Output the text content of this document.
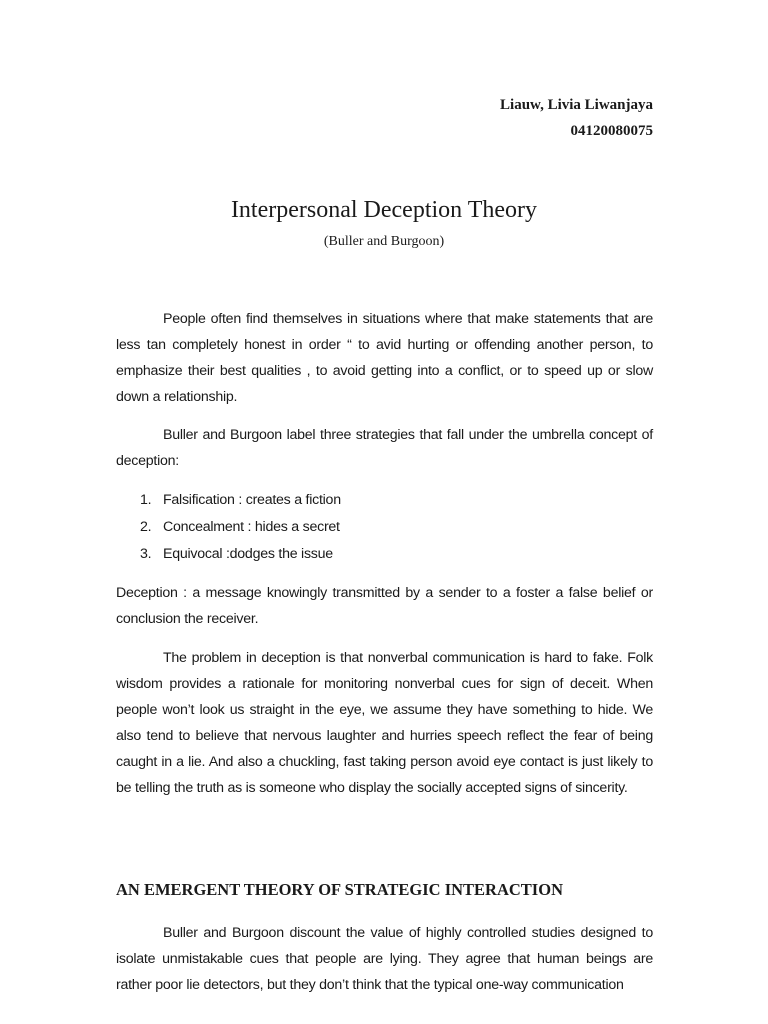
Liauw, Livia Liwanjaya
04120080075
Interpersonal Deception Theory
(Buller and Burgoon)

People often find themselves in situations where that make statements that are less tan completely honest in order “ to avid hurting or offending another person, to emphasize their best qualities , to avoid getting into a conflict, or to speed up or slow down a relationship.

Buller and Burgoon label three strategies that fall under the umbrella concept of deception:

1. Falsification : creates a fiction
2. Concealment : hides a secret
3. Equivocal :dodges the issue

Deception : a message knowingly transmitted by a sender to a foster a false belief or conclusion the receiver.

The problem in deception is that nonverbal communication is hard to fake. Folk wisdom provides a rationale for monitoring nonverbal cues for sign of deceit. When people won’t look us straight in the eye, we assume they have something to hide. We also tend to believe that nervous laughter and hurries speech reflect the fear of being caught in a lie. And also a chuckling, fast taking person avoid eye contact is just likely to be telling the truth as is someone who display the socially accepted signs of sincerity.

AN EMERGENT THEORY OF STRATEGIC INTERACTION

Buller and Burgoon discount the value of highly controlled studies designed to isolate unmistakable cues that people are lying. They agree that human beings are rather poor lie detectors, but they don’t think that the typical one-way communication
